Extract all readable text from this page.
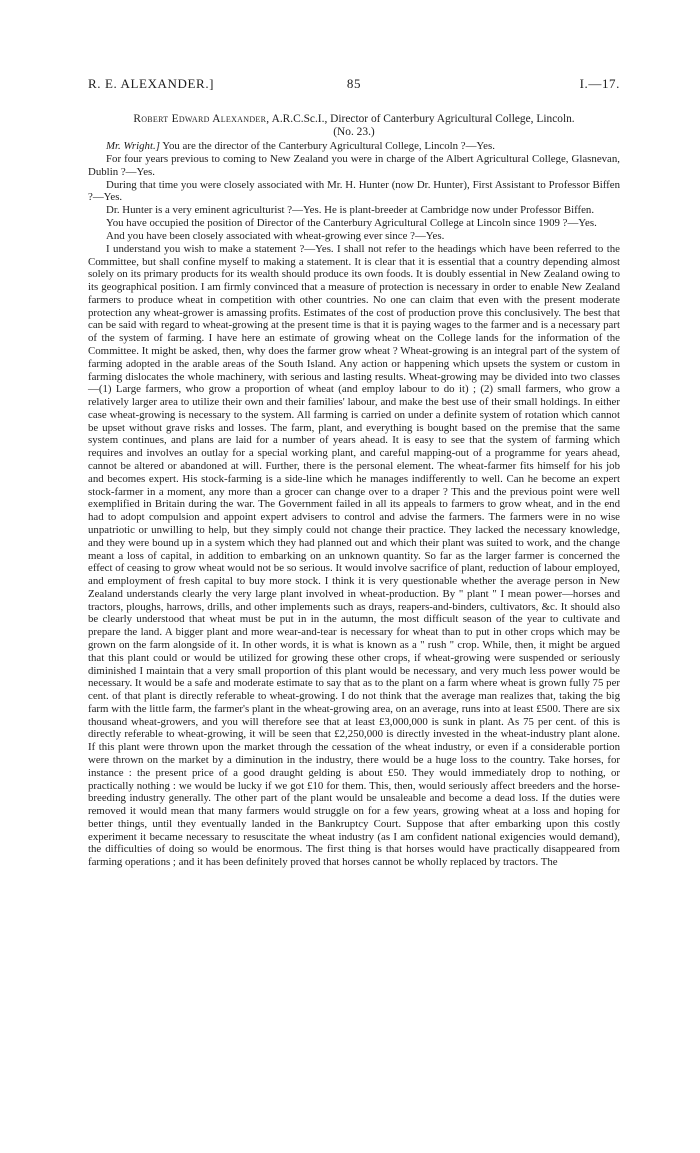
R. E. ALEXANDER.]	85	I.—17.
Robert Edward Alexander, A.R.C.Sc.I., Director of Canterbury Agricultural College, Lincoln.
(No. 23.)

Mr. Wright.] You are the director of the Canterbury Agricultural College, Lincoln ?—Yes.

For four years previous to coming to New Zealand you were in charge of the Albert Agricultural College, Glasnevan, Dublin ?—Yes.

During that time you were closely associated with Mr. H. Hunter (now Dr. Hunter), First Assistant to Professor Biffen ?—Yes.

Dr. Hunter is a very eminent agriculturist ?—Yes. He is plant-breeder at Cambridge now under Professor Biffen.

You have occupied the position of Director of the Canterbury Agricultural College at Lincoln since 1909 ?—Yes.

And you have been closely associated with wheat-growing ever since ?—Yes.

I understand you wish to make a statement ?—Yes. I shall not refer to the headings which have been referred to the Committee, but shall confine myself to making a statement. It is clear that it is essential that a country depending almost solely on its primary products for its wealth should produce its own foods. It is doubly essential in New Zealand owing to its geographical position. I am firmly convinced that a measure of protection is necessary in order to enable New Zealand farmers to produce wheat in competition with other countries. No one can claim that even with the present moderate protection any wheat-grower is amassing profits. Estimates of the cost of production prove this conclusively. The best that can be said with regard to wheat-growing at the present time is that it is paying wages to the farmer and is a necessary part of the system of farming. I have here an estimate of growing wheat on the College lands for the information of the Committee. It might be asked, then, why does the farmer grow wheat ? Wheat-growing is an integral part of the system of farming adopted in the arable areas of the South Island. Any action or happening which upsets the system or custom in farming dislocates the whole machinery, with serious and lasting results. Wheat-growing may be divided into two classes—(1) Large farmers, who grow a proportion of wheat (and employ labour to do it) ; (2) small farmers, who grow a relatively larger area to utilize their own and their families' labour, and make the best use of their small holdings. In either case wheat-growing is necessary to the system. All farming is carried on under a definite system of rotation which cannot be upset without grave risks and losses. The farm, plant, and everything is bought based on the premise that the same system continues, and plans are laid for a number of years ahead. It is easy to see that the system of farming which requires and involves an outlay for a special working plant, and careful mapping-out of a programme for years ahead, cannot be altered or abandoned at will. Further, there is the personal element. The wheat-farmer fits himself for his job and becomes expert. His stock-farming is a side-line which he manages indifferently to well. Can he become an expert stock-farmer in a moment, any more than a grocer can change over to a draper ? This and the previous point were well exemplified in Britain during the war. The Government failed in all its appeals to farmers to grow wheat, and in the end had to adopt compulsion and appoint expert advisers to control and advise the farmers. The farmers were in no wise unpatriotic or unwilling to help, but they simply could not change their practice. They lacked the necessary knowledge, and they were bound up in a system which they had planned out and which their plant was suited to work, and the change meant a loss of capital, in addition to embarking on an unknown quantity. So far as the larger farmer is concerned the effect of ceasing to grow wheat would not be so serious. It would involve sacrifice of plant, reduction of labour employed, and employment of fresh capital to buy more stock. I think it is very questionable whether the average person in New Zealand understands clearly the very large plant involved in wheat-production. By " plant " I mean power—horses and tractors, ploughs, harrows, drills, and other implements such as drays, reapers-and-binders, cultivators, &c. It should also be clearly understood that wheat must be put in in the autumn, the most difficult season of the year to cultivate and prepare the land. A bigger plant and more wear-and-tear is necessary for wheat than to put in other crops which may be grown on the farm alongside of it. In other words, it is what is known as a " rush " crop. While, then, it might be argued that this plant could or would be utilized for growing these other crops, if wheat-growing were suspended or seriously diminished I maintain that a very small proportion of this plant would be necessary, and very much less power would be necessary. It would be a safe and moderate estimate to say that as to the plant on a farm where wheat is grown fully 75 per cent. of that plant is directly referable to wheat-growing. I do not think that the average man realizes that, taking the big farm with the little farm, the farmer's plant in the wheat-growing area, on an average, runs into at least £500. There are six thousand wheat-growers, and you will therefore see that at least £3,000,000 is sunk in plant. As 75 per cent. of this is directly referable to wheat-growing, it will be seen that £2,250,000 is directly invested in the wheat-industry plant alone. If this plant were thrown upon the market through the cessation of the wheat industry, or even if a considerable portion were thrown on the market by a diminution in the industry, there would be a huge loss to the country. Take horses, for instance : the present price of a good draught gelding is about £50. They would immediately drop to nothing, or practically nothing : we would be lucky if we got £10 for them. This, then, would seriously affect breeders and the horse-breeding industry generally. The other part of the plant would be unsaleable and become a dead loss. If the duties were removed it would mean that many farmers would struggle on for a few years, growing wheat at a loss and hoping for better things, until they eventually landed in the Bankruptcy Court. Suppose that after embarking upon this costly experiment it became necessary to resuscitate the wheat industry (as I am confident national exigencies would demand), the difficulties of doing so would be enormous. The first thing is that horses would have practically disappeared from farming operations ; and it has been definitely proved that horses cannot be wholly replaced by tractors. The
